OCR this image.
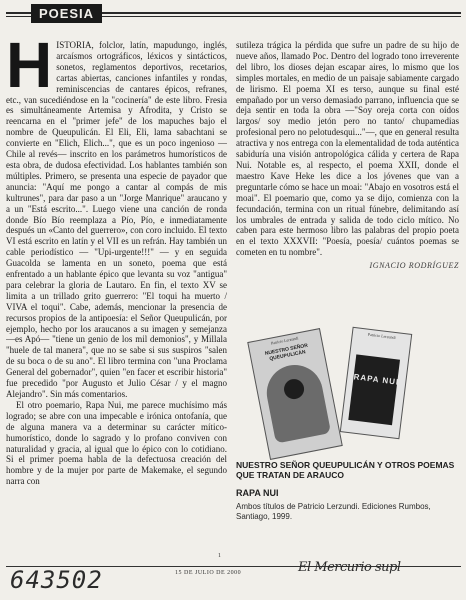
POESIA
H ISTORIA, folclor, latín, mapudungo, inglés, arcaísmos ortográficos, léxicos y sintácticos, sonetos, reglamentos deportivos, recetarios, cartas abiertas, canciones infantiles y rondas, reminiscencias de cantares épicos, refranes, etc., van sucediéndose en la "cocinería" de este libro. Fresia es simultáneamente Artemisa y Afrodita, y Cristo se reencarna en el "primer jefe" de los mapuches bajo el nombre de Queupulicán. El Eli, Eli, lama sabachtani se convierte en "Elich, Elich...", que es un poco ingenioso —Chile al revés— inscrito en los parámetros humorísticos de esta obra, de dudosa efectividad. Los hablantes también son múltiples. Primero, se presenta una especie de payador que anuncia: "Aquí me pongo a cantar al compás de mis kultrunes", para dar paso a un "Jorge Manrique" araucano y a un "Está escrito...". Luego viene una canción de ronda donde Bío Bío reemplaza a Pío, Pío, e inmediatamente después un «Canto del guerrero», con coro incluido. El texto VI está escrito en latín y el VII es un refrán. Hay también un cable periodístico — "Upi-urgente!!!" — y en seguida Guacolda se lamenta en un soneto, poema que está enfrentado a un hablante épico que levanta su voz "antigua" para celebrar la gloria de Lautaro. En fin, el texto XV se limita a un trillado grito guerrero: "El toqui ha muerto / VIVA el toqui". Cabe, además, mencionar la presencia de recursos propios de la antipoesía: el Señor Queupulicán, por ejemplo, hecho por los araucanos a su imagen y semejanza —es Apó— "tiene un genio de los mil demonios", y Millala "huele de tal manera", que no se sabe si sus suspiros "salen de su boca o de su ano". El libro termina con "una Proclama General del gobernador", quien "en facer et escribir historia" fue precedido "por Augusto et Julio César / y el magno Alejandro". Sin más comentarios.

El otro poemario, Rapa Nui, me parece muchísimo más logrado; se abre con una impecable e irónica ontofanía, que de alguna manera va a determinar su carácter mítico-humorístico, donde lo sagrado y lo profano conviven con naturalidad y gracia, al igual que lo épico con lo cotidiano. Si el primer poema habla de la defectuosa creación del hombre y de la mujer por parte de Makemake, el segundo narra con

sutileza trágica la pérdida que sufre un padre de su hijo de nueve años, llamado Poc. Dentro del logrado tono irreverente del libro, los dioses dejan escapar aires, lo mismo que los simples mortales, en medio de un paisaje sabiamente cargado de lirismo. El poema XI es terso, aunque su final esté empañado por un verso demasiado parrano, influencia que se deja sentir en toda la obra —"Soy oreja corta con oídos largos/ soy medio jetón pero no tanto/ chupamedias profesional pero no pelotudesqui..."—, que en general resulta atractiva y nos entrega con la elementalidad de toda auténtica sabiduría una visión antropológica cálida y certera de Rapa Nui. Notable es, al respecto, el poema XXII, donde el maestro Kave Heke les dice a los jóvenes que van a preguntarle cómo se hace un moai: "Abajo en vosotros está el moai". El poemario que, como ya se dijo, comienza con la fecundación, termina con un ritual fúnebre, delimitando así los umbrales de entrada y salida de todo ciclo mítico. No caben para este hermoso libro las palabras del propio poeta en el texto XXXVII: "Poesía, poesía/ cuántos poemas se cometen en tu nombre".

IGNACIO RODRÍGUEZ
Patricio Lerzundi
NUESTRO SEÑOR QUEUPULICÁN
Patricio Lerzundi
RAPA NUI

NUESTRO SEÑOR QUEUPULICÁN Y OTROS POEMAS QUE TRATAN DE ARAUCO

RAPA NUI

Ambos títulos de Patricio Lerzundi. Ediciones Rumbos, Santiago, 1999.

1
15 DE JULIO DE 2000	El Mercurio supl
643502
